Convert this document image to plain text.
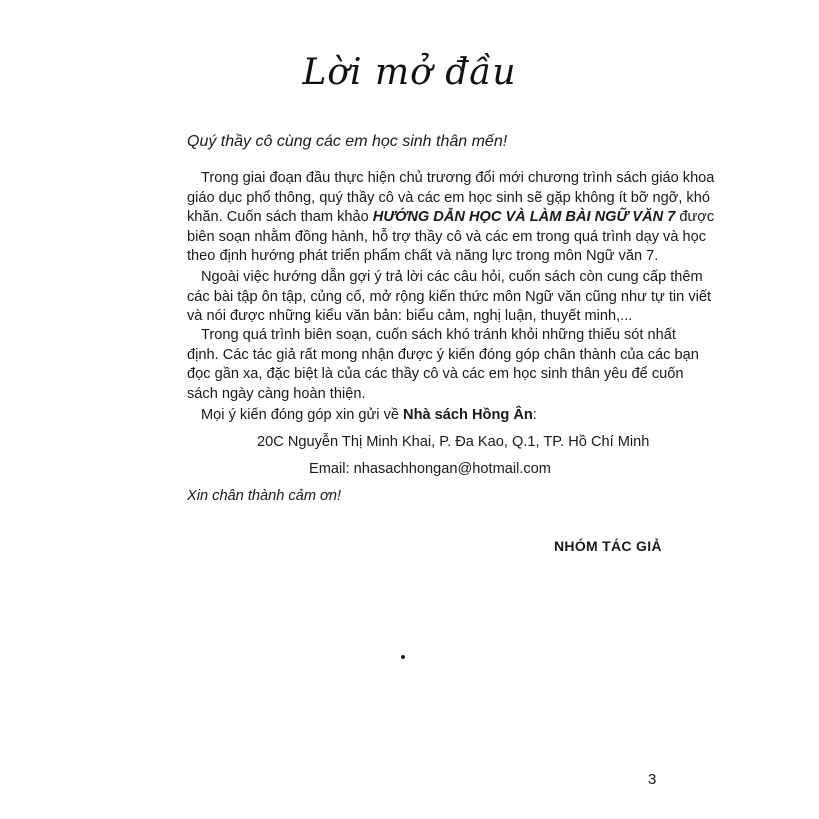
Lời mở đầu
Quý thầy cô cùng các em học sinh thân mến!
Trong giai đoạn đầu thực hiện chủ trương đổi mới chương trình sách giáo khoa
giáo dục phổ thông, quý thầy cô và các em học sinh sẽ gặp không ít bỡ ngỡ, khó
khăn. Cuốn sách tham khảo HƯỚNG DẪN HỌC VÀ LÀM BÀI NGỮ VĂN 7 được
biên soạn nhằm đồng hành, hỗ trợ thầy cô và các em trong quá trình dạy và học
theo định hướng phát triển phẩm chất và năng lực trong môn Ngữ văn 7.
Ngoài việc hướng dẫn gợi ý trả lời các câu hỏi, cuốn sách còn cung cấp thêm
các bài tập ôn tập, củng cố, mở rộng kiến thức môn Ngữ văn cũng như tự tin viết
và nói được những kiểu văn bản: biểu cảm, nghị luận, thuyết minh,...
Trong quá trình biên soạn, cuốn sách khó tránh khỏi những thiếu sót nhất
định. Các tác giả rất mong nhận được ý kiến đóng góp chân thành của các bạn
đọc gần xa, đặc biệt là của các thầy cô và các em học sinh thân yêu để cuốn
sách ngày càng hoàn thiện.
Mọi ý kiến đóng góp xin gửi về Nhà sách Hồng Ân:
20C Nguyễn Thị Minh Khai, P. Đa Kao, Q.1, TP. Hồ Chí Minh
Email: nhasachhongan@hotmail.com
Xin chân thành cảm ơn!
NHÓM TÁC GIẢ
3
